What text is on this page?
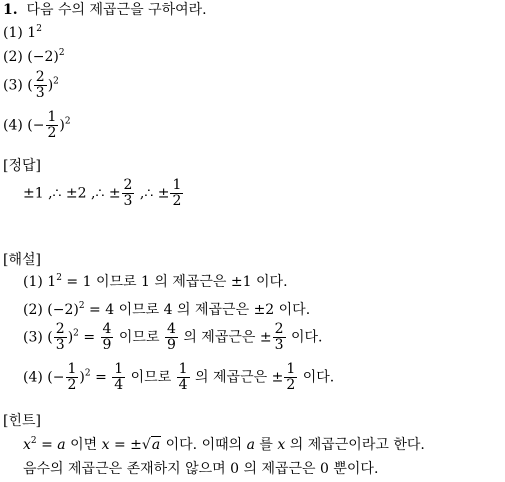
1. 다음 수의 제곱근을 구하여라.
(1) $1^2$
(2) $(-2)^2$
(3) ( $\frac{2}{3} )^2$
(4) (− $\frac{1}{2} )^2$
[정답]
±1 ,∴ ±2 ,∴ ± $\frac{2}{3}$ ,∴ ± $\frac{1}{2}$
[해설]
(1) $1^2 = 1$ 이므로 1 의 제곱근은 ±1 이다.
(2) $(-2)^2 = 4$ 이므로 4 의 제곱근은 ±2 이다.
(3) ( $\frac{2}{3} )^2 = \frac{4}{9}$ 이므로 $\frac{4}{9}$ 의 제곱근은 ± $\frac{2}{3}$ 이다.
(4) (− $\frac{1}{2} )^2 = \frac{1}{4}$ 이므로 $\frac{1}{4}$ 의 제곱근은 ± $\frac{1}{2}$ 이다.
[힌트]
$x^2 = a$ 이면 x = ±√a 이다. 이때의 a 를 x 의 제곱근이라고 한다.
음수의 제곱근은 존재하지 않으며 0 의 제곱근은 0 뿐이다.
